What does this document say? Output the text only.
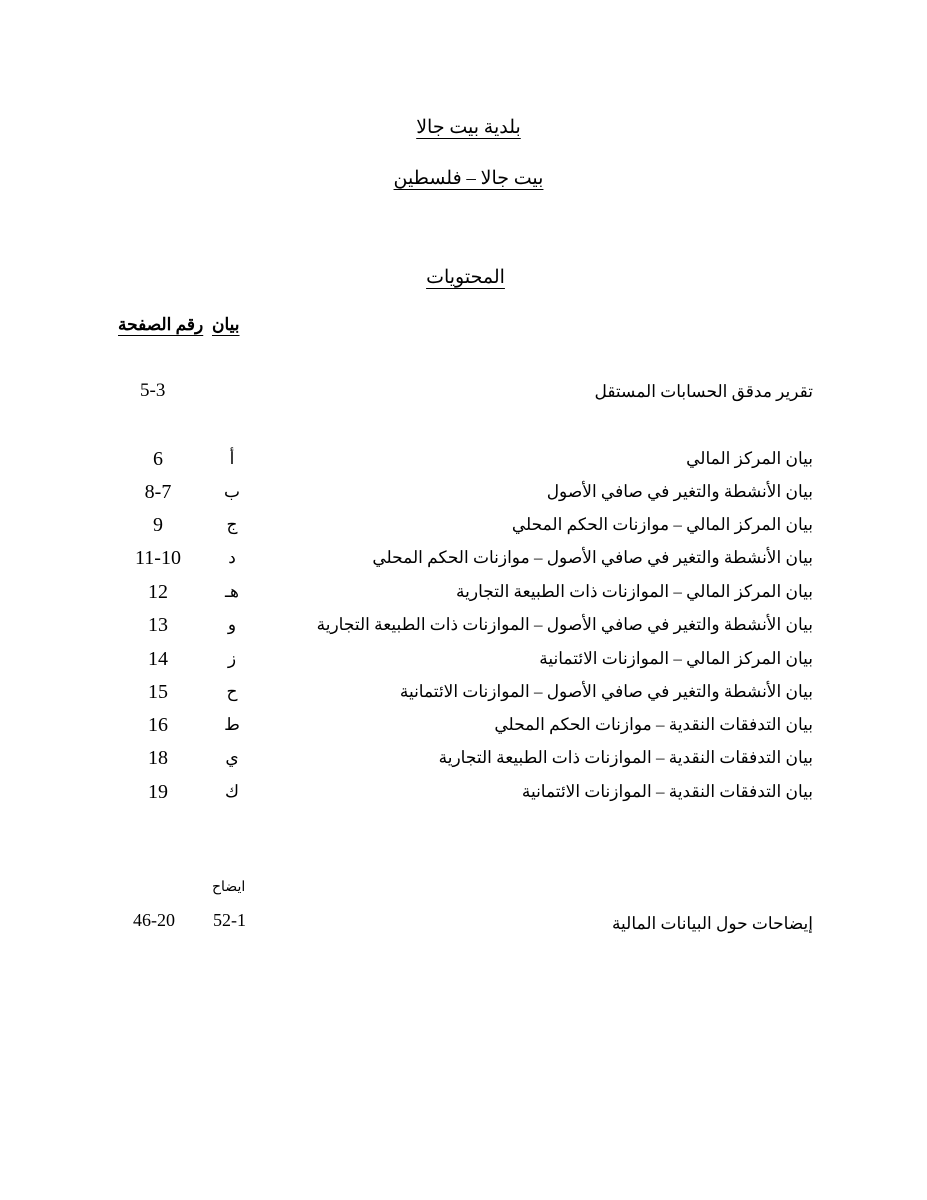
بلدية بيت جالا
بيت جالا – فلسطين
المحتويات
بيان
رقم الصفحة
تقرير مدقق الحسابات المستقل
5-3
بيان المركز المالي
أ
6
بيان الأنشطة والتغير في صافي الأصول
ب
8-7
بيان المركز المالي – موازنات الحكم المحلي
ج
9
بيان الأنشطة والتغير في صافي الأصول – موازنات الحكم المحلي
د
11-10
بيان المركز المالي – الموازنات ذات الطبيعة التجارية
هـ
12
بيان الأنشطة والتغير في صافي الأصول – الموازنات ذات الطبيعة التجارية
و
13
بيان المركز المالي – الموازنات الائتمانية
ز
14
بيان الأنشطة والتغير في صافي الأصول – الموازنات الائتمانية
ح
15
بيان التدفقات النقدية – موازنات الحكم المحلي
ط
16
بيان التدفقات النقدية – الموازنات ذات الطبيعة التجارية
ي
18
بيان التدفقات النقدية – الموازنات الائتمانية
ك
19
ايضاح
إيضاحات حول البيانات المالية
52-1
46-20
